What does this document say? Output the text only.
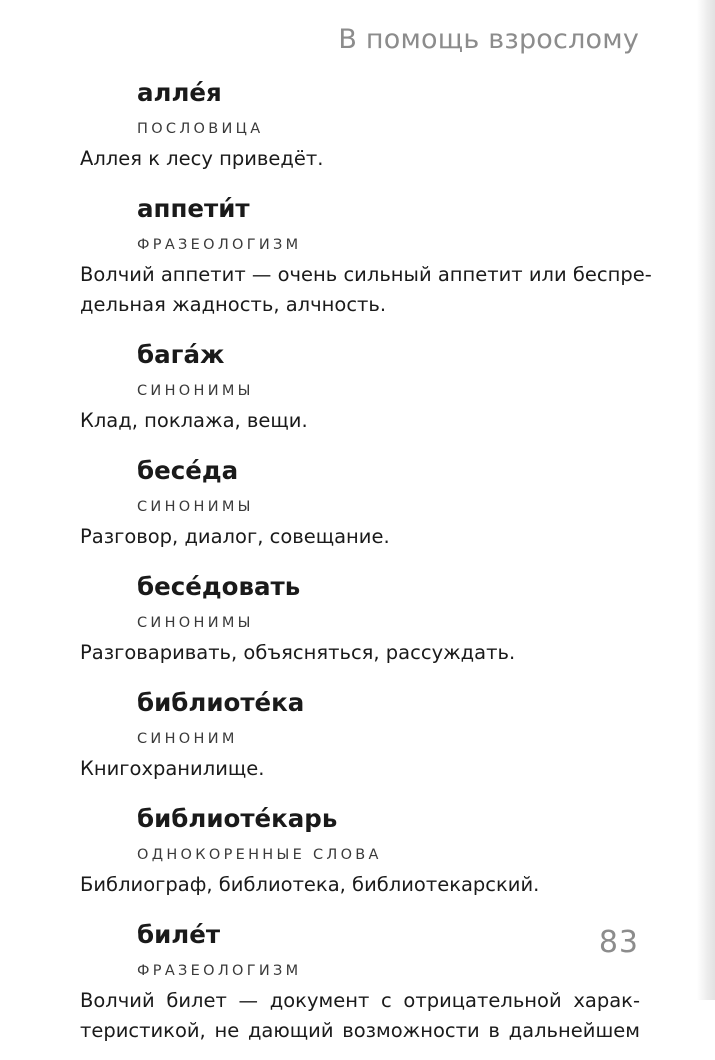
В помощь взрослому
алле́я
ПОСЛОВИЦА
Аллея к лесу приведёт.
аппети́т
ФРАЗЕОЛОГИЗМ
Волчий аппетит — очень сильный аппетит или беспре-
дельная жадность, алчность.
бага́ж
СИНОНИМЫ
Клад, поклажа, вещи.
бесе́да
СИНОНИМЫ
Разговор, диалог, совещание.
бесе́довать
СИНОНИМЫ
Разговаривать, объясняться, рассуждать.
библиоте́ка
СИНОНИМ
Книгохранилище.
библиоте́карь
ОДНОКОРЕННЫЕ СЛОВА
Библиограф, библиотека, библиотекарский.
биле́т
ФРАЗЕОЛОГИЗМ
Волчий билет — документ с отрицательной харак-
теристикой, не дающий возможности в дальнейшем
83
